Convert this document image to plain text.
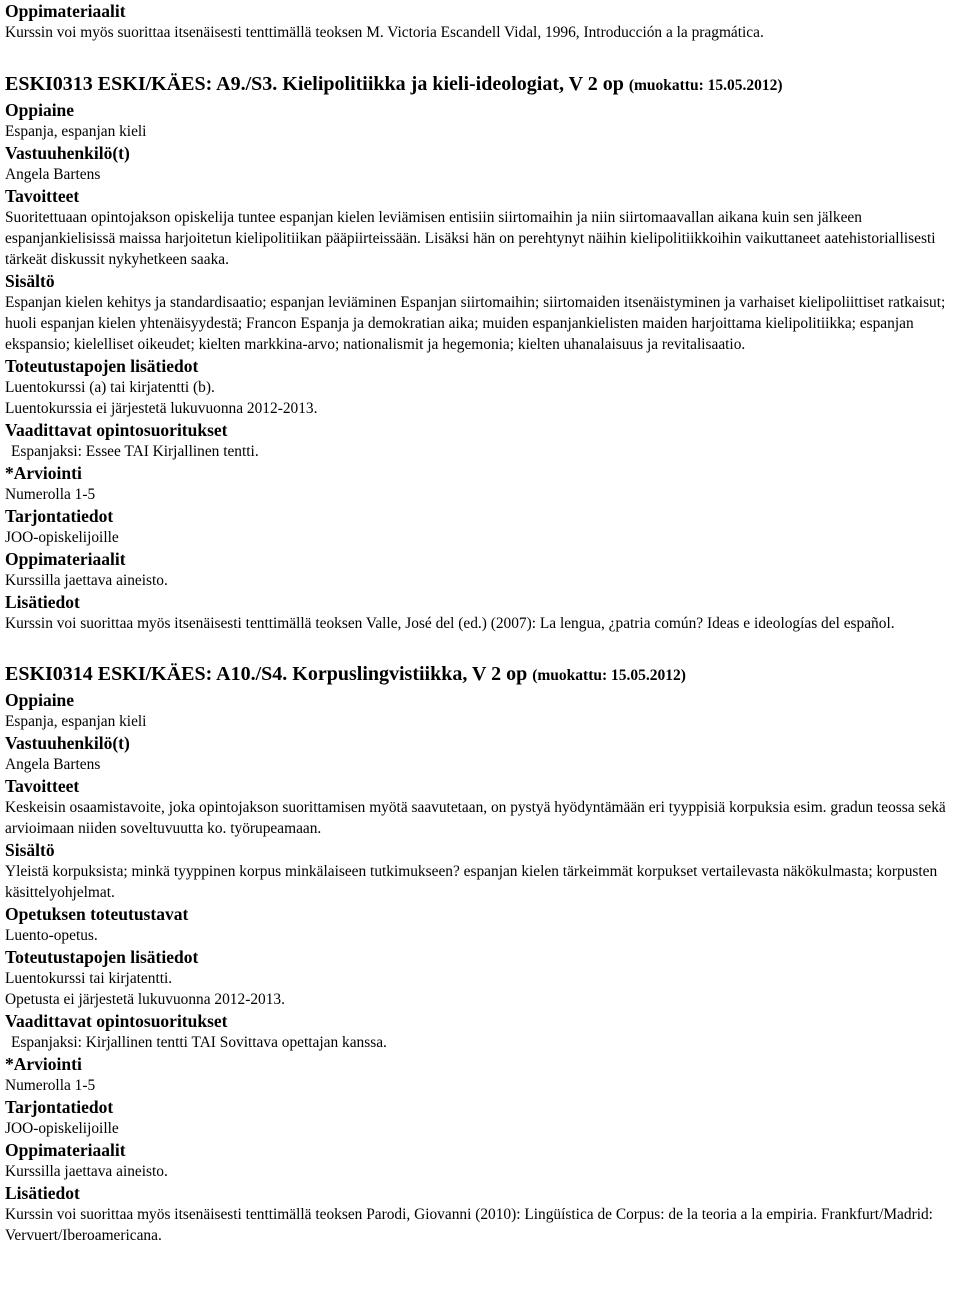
Oppimateriaalit
Kurssin voi myös suorittaa itsenäisesti tenttimällä teoksen M. Victoria Escandell Vidal, 1996, Introducción a la pragmática.
ESKI0313 ESKI/KÄES: A9./S3. Kielipolitiikka ja kieli-ideologiat, V 2 op (muokattu: 15.05.2012)
Oppiaine
Espanja, espanjan kieli
Vastuuhenkilö(t)
Angela Bartens
Tavoitteet
Suoritettuaan opintojakson opiskelija tuntee espanjan kielen leviämisen entisiin siirtomaihin ja niin siirtomaavallan aikana kuin sen jälkeen espanjankielisissä maissa harjoitetun kielipolitiikan pääpiirteissään. Lisäksi hän on perehtynyt näihin kielipolitiikkoihin vaikuttaneet aatehistoriallisesti tärkeät diskussit nykyhetkeen saaka.
Sisältö
Espanjan kielen kehitys ja standardisaatio; espanjan leviäminen Espanjan siirtomaihin; siirtomaiden itsenäistyminen ja varhaiset kielipoliittiset ratkaisut; huoli espanjan kielen yhtenäisyydestä; Francon Espanja ja demokratian aika; muiden espanjankielisten maiden harjoittama kielipolitiikka; espanjan ekspansio; kielelliset oikeudet; kielten markkina-arvo; nationalismit ja hegemonia; kielten uhanalaisuus ja revitalisaatio.
Toteutustapojen lisätiedot
Luentokurssi (a) tai kirjatentti (b).
Luentokurssia ei järjestetä lukuvuonna 2012-2013.
Vaadittavat opintosuoritukset
Espanjaksi: Essee TAI Kirjallinen tentti.
*Arviointi
Numerolla 1-5
Tarjontatiedot
JOO-opiskelijoille
Oppimateriaalit
Kurssilla jaettava aineisto.
Lisätiedot
Kurssin voi suorittaa myös itsenäisesti tenttimällä teoksen Valle, José del (ed.) (2007): La lengua, ¿patria común? Ideas e ideologías del español.
ESKI0314 ESKI/KÄES: A10./S4. Korpuslingvistiikka, V 2 op (muokattu: 15.05.2012)
Oppiaine
Espanja, espanjan kieli
Vastuuhenkilö(t)
Angela Bartens
Tavoitteet
Keskeisin osaamistavoite, joka opintojakson suorittamisen myötä saavutetaan, on pystyä hyödyntämään eri tyyppisiä korpuksia esim. gradun teossa sekä arvioimaan niiden soveltuvuutta ko. työrupeamaan.
Sisältö
Yleistä korpuksista; minkä tyyppinen korpus minkälaiseen tutkimukseen? espanjan kielen tärkeimmät korpukset vertailevasta näkökulmasta; korpusten käsittelyohjelmat.
Opetuksen toteutustavat
Luento-opetus.
Toteutustapojen lisätiedot
Luentokurssi tai kirjatentti.
Opetusta ei järjestetä lukuvuonna 2012-2013.
Vaadittavat opintosuoritukset
Espanjaksi: Kirjallinen tentti TAI Sovittava opettajan kanssa.
*Arviointi
Numerolla 1-5
Tarjontatiedot
JOO-opiskelijoille
Oppimateriaalit
Kurssilla jaettava aineisto.
Lisätiedot
Kurssin voi suorittaa myös itsenäisesti tenttimällä teoksen Parodi, Giovanni (2010): Lingüística de Corpus: de la teoria a la empiria. Frankfurt/Madrid: Vervuert/Iberoamericana.
